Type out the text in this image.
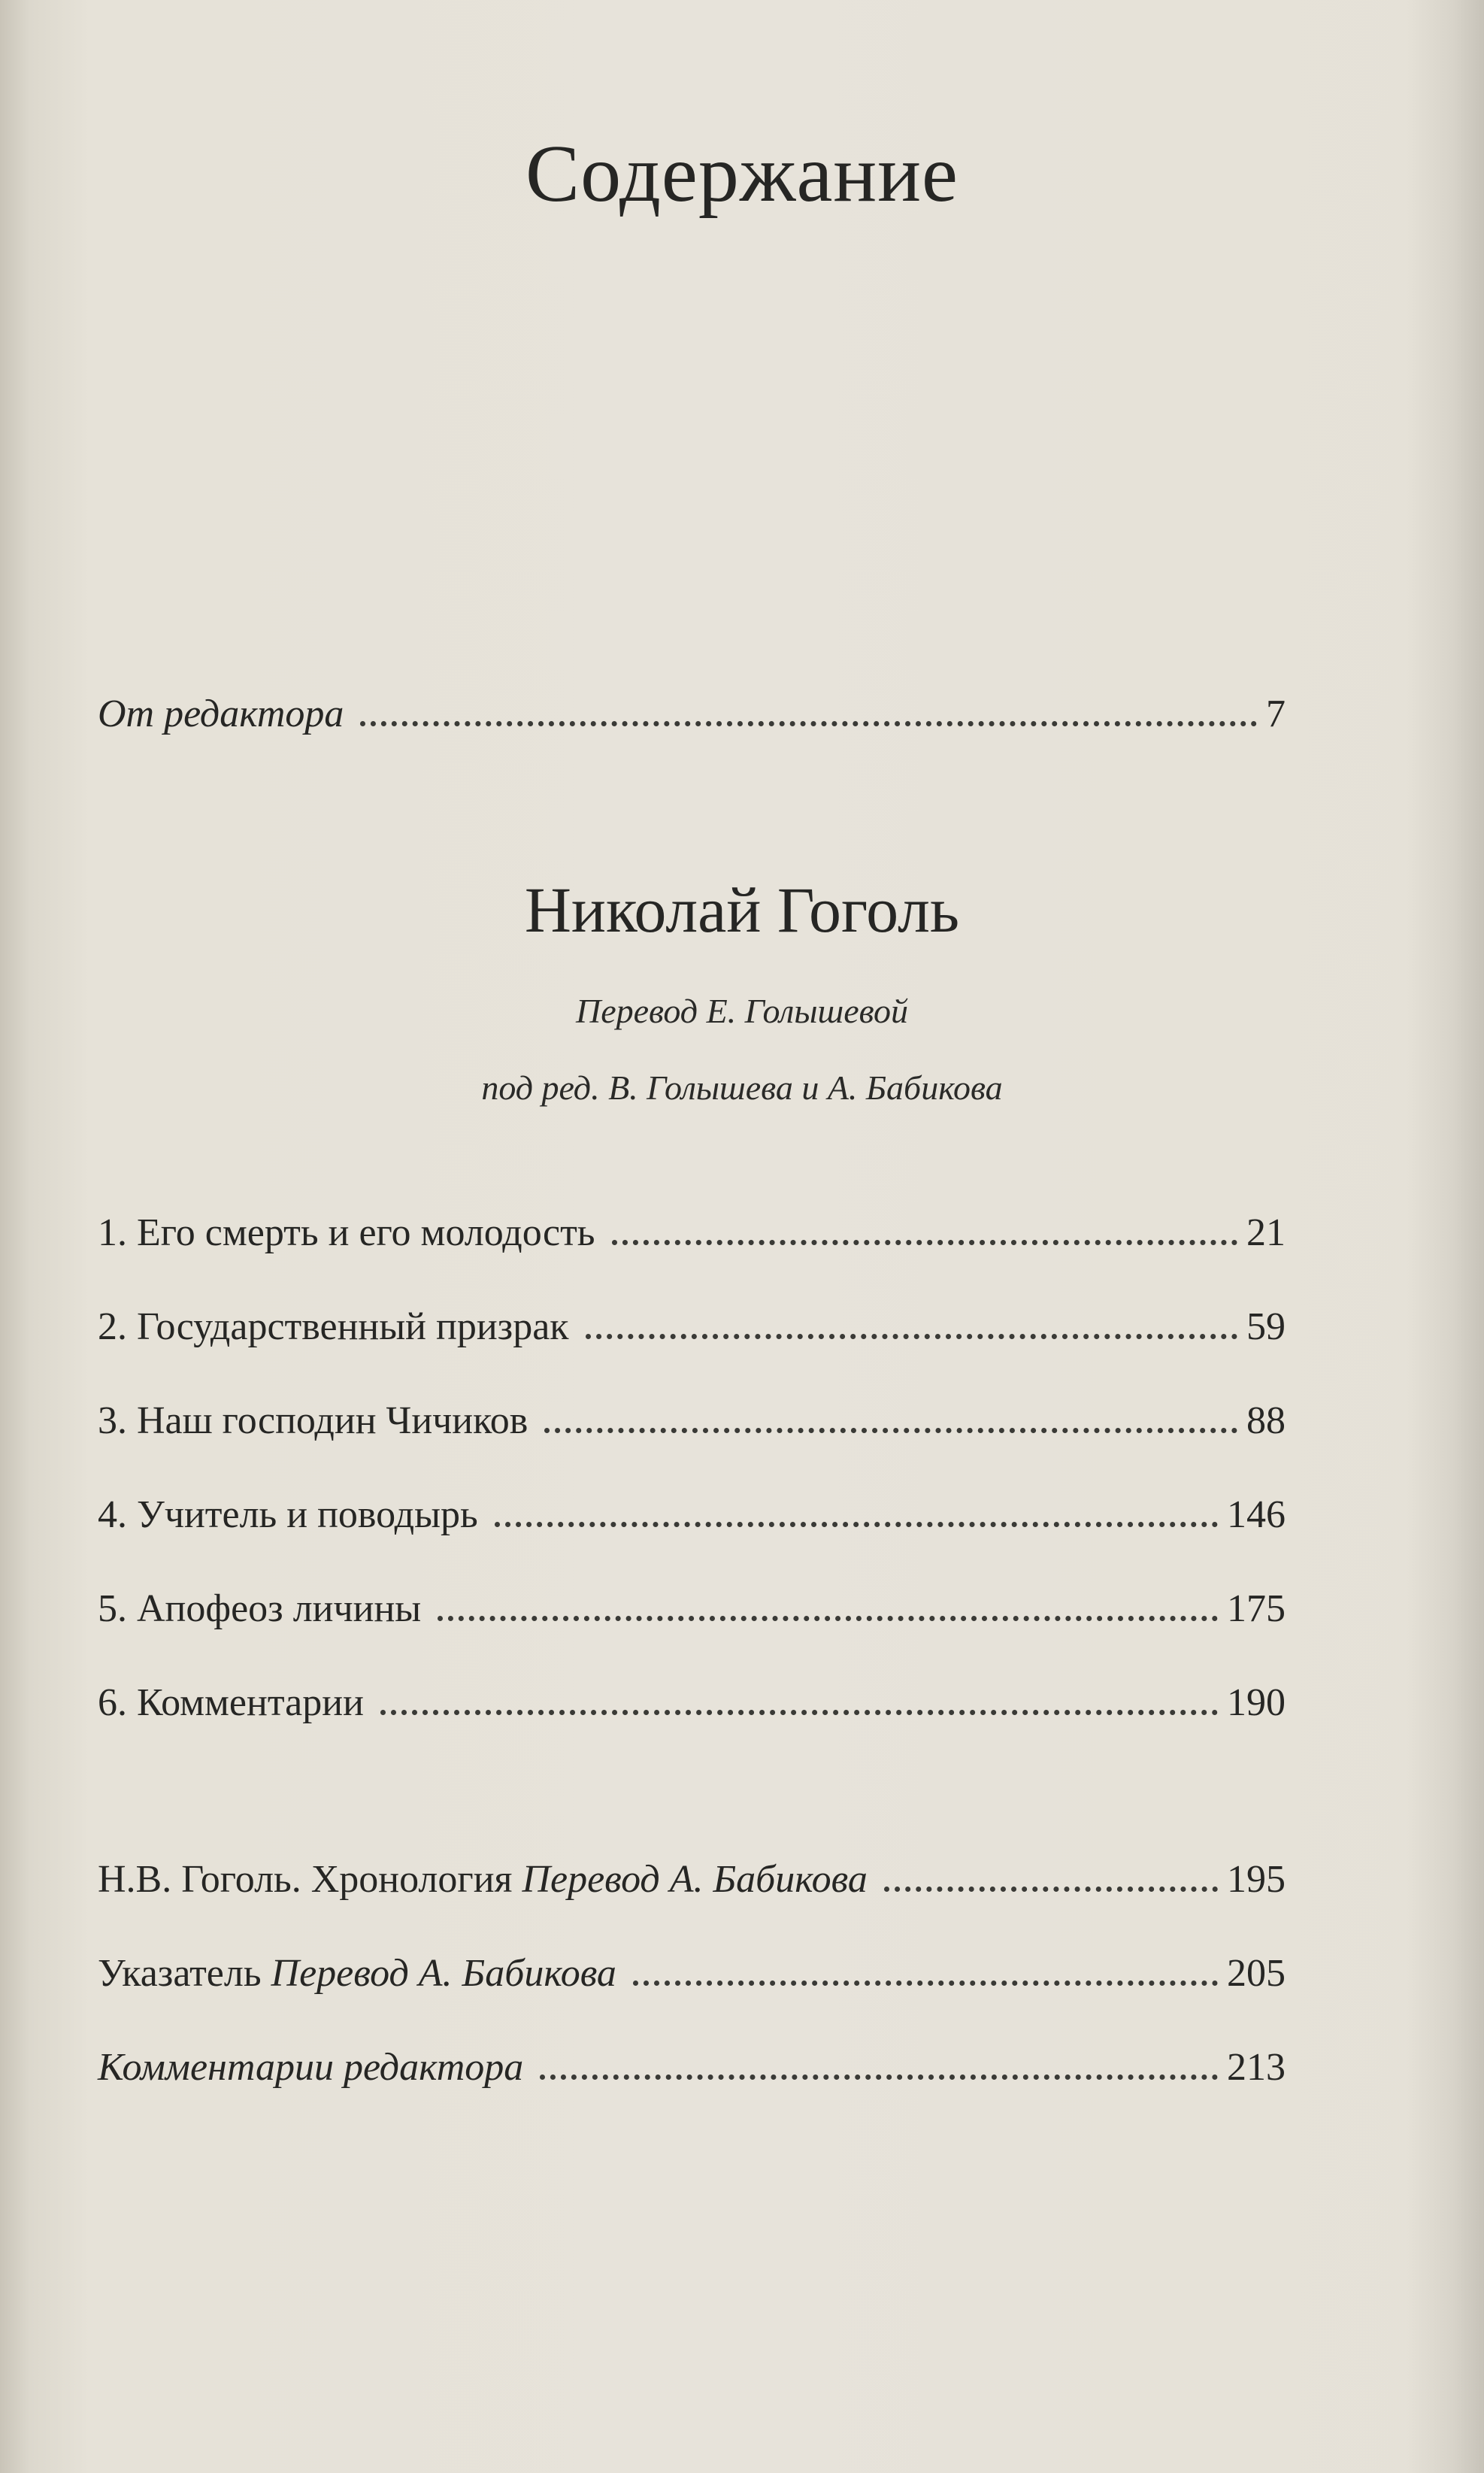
Содержание
От редактора	7
Николай Гоголь
Перевод Е. Голышевой
под ред. В. Голышева и А. Бабикова
1. Его смерть и его молодость	21
2. Государственный призрак	59
3. Наш господин Чичиков	88
4. Учитель и поводырь	146
5. Апофеоз личины	175
6. Комментарии	190
Н.В. Гоголь. Хронология Перевод А. Бабикова	195
Указатель Перевод А. Бабикова	205
Комментарии редактора	213
